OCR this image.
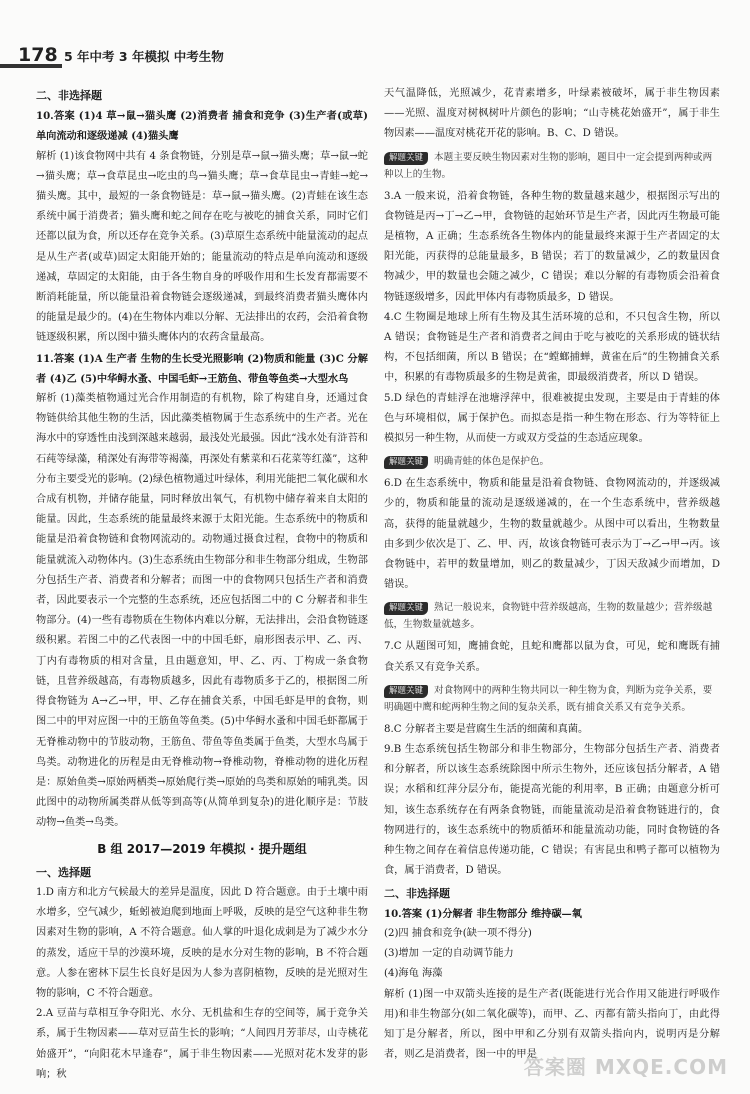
178 5 年中考 3 年模拟 中考生物

二、非选择题

10.答案 (1)4 草→鼠→猫头鹰 (2)消费者 捕食和竞争 (3)生产者(或草) 单向流动和逐级递减 (4)猫头鹰

解析 (1)该食物网中共有 4 条食物链，分别是草→鼠→猫头鹰；草→鼠→蛇→猫头鹰；草→食草昆虫→吃虫的鸟→猫头鹰；草→食草昆虫→青蛙→蛇→猫头鹰。其中，最短的一条食物链是：草→鼠→猫头鹰。(2)青蛙在该生态系统中属于消费者；猫头鹰和蛇之间存在吃与被吃的捕食关系，同时它们还都以鼠为食，所以还存在竞争关系。(3)草原生态系统中能量流动的起点是从生产者(或草)固定太阳能开始的；能量流动的特点是单向流动和逐级递减，草固定的太阳能，由于各生物自身的呼吸作用和生长发育都需要不断消耗能量，所以能量沿着食物链会逐级递减，到最终消费者猫头鹰体内的能量是最少的。(4)在生物体内难以分解、无法排出的农药，会沿着食物链逐级积累，所以图中猫头鹰体内的农药含量最高。

11.答案 (1)A 生产者 生物的生长受光照影响 (2)物质和能量 (3)C 分解者 (4)乙 (5)中华鲟水蚤、中国毛虾→王筋鱼、带鱼等鱼类→大型水鸟

解析 (1)藻类植物通过光合作用制造的有机物，除了构建自身，还通过食物链供给其他生物的生活，因此藻类植物属于生态系统中的生产者。光在海水中的穿透性由浅到深越来越弱，最浅处光最强。因此“浅水处有浒苔和石莼等绿藻，稍深处有海带等褐藻，再深处有紫菜和石花菜等红藻”，这种分布主要受光的影响。(2)绿色植物通过叶绿体，利用光能把二氧化碳和水合成有机物，并储存能量，同时释放出氧气，有机物中储存着来自太阳的能量。因此，生态系统的能量最终来源于太阳光能。生态系统中的物质和能量是沿着食物链和食物网流动的。动物通过摄食过程，食物中的物质和能量就流入动物体内。(3)生态系统由生物部分和非生物部分组成，生物部分包括生产者、消费者和分解者；而图一中的食物网只包括生产者和消费者，因此要表示一个完整的生态系统，还应包括图二中的 C 分解者和非生物部分。(4)一些有毒物质在生物体内难以分解，无法排出，会沿食物链逐级积累。若图二中的乙代表图一中的中国毛虾，扇形图表示甲、乙、丙、丁内有毒物质的相对含量，且由题意知，甲、乙、丙、丁构成一条食物链，且营养级越高，有毒物质越多，因此有毒物质多于乙的，根据图二所得食物链为 A→乙→甲，甲、乙存在捕食关系，中国毛虾是甲的食物，则图二中的甲对应图一中的王筋鱼等鱼类。(5)中华鲟水蚤和中国毛虾都属于无脊椎动物中的节肢动物，王筋鱼、带鱼等鱼类属于鱼类，大型水鸟属于鸟类。动物进化的历程是由无脊椎动物→脊椎动物，脊椎动物的进化历程是：原始鱼类→原始两栖类→原始爬行类→原始的鸟类和原始的哺乳类。因此图中的动物所属类群从低等到高等(从简单到复杂)的进化顺序是：节肢动物→鱼类→鸟类。

B 组 2017—2019 年模拟 · 提升题组

一、选择题

1.D 南方和北方气候最大的差异是温度，因此 D 符合题意。由于土壤中雨水增多，空气减少，蚯蚓被迫爬到地面上呼吸，反映的是空气这种非生物因素对生物的影响，A 不符合题意。仙人掌的叶退化成刺是为了减少水分的蒸发，适应干旱的沙漠环境，反映的是水分对生物的影响，B 不符合题意。人参在密林下层生长良好是因为人参为喜阴植物，反映的是光照对生物的影响，C 不符合题意。

2.A 豆苗与草相互争夺阳光、水分、无机盐和生存的空间等，属于竞争关系，属于生物因素——草对豆苗生长的影响；“人间四月芳菲尽，山寺桃花始盛开”，“向阳花木早逢春”，属于非生物因素——光照对花木发芽的影响；秋

天气温降低，光照减少，花青素增多，叶绿素被破坏，属于非生物因素——光照、温度对树枫树叶片颜色的影响；“山寺桃花始盛开”，属于非生物因素——温度对桃花开花的影响。B、C、D 错误。

解题关键 本题主要反映生物因素对生物的影响，题目中一定会提到两种或两种以上的生物。

3.A 一般来说，沿着食物链，各种生物的数量越来越少，根据图示写出的食物链是丙→丁→乙→甲，食物链的起始环节是生产者，因此丙生物最可能是植物，A 正确；生态系统各生物体内的能量最终来源于生产者固定的太阳光能，丙获得的总能量最多，B 错误；若丁的数量减少，乙的数量因食物减少，甲的数量也会随之减少，C 错误；难以分解的有毒物质会沿着食物链逐级增多，因此甲体内有毒物质最多，D 错误。

4.C 生物圈是地球上所有生物及其生活环境的总和，不只包含生物，所以 A 错误；食物链是生产者和消费者之间由于吃与被吃的关系形成的链状结构，不包括细菌，所以 B 错误；在“螳螂捕蝉，黄雀在后”的生物捕食关系中，积累的有毒物质最多的生物是黄雀，即最级消费者，所以 D 错误。

5.D 绿色的青蛙浮在池塘浮萍中，很难被捉虫发现，主要是由于青蛙的体色与环境相似，属于保护色。而拟态是指一种生物在形态、行为等特征上模拟另一种生物，从而使一方或双方受益的生态适应现象。

解题关键 明确青蛙的体色是保护色。

6.D 在生态系统中，物质和能量是沿着食物链、食物网流动的，并逐级减少的，物质和能量的流动是逐级递减的，在一个生态系统中，营养级越高，获得的能量就越少，生物的数量就越少。从图中可以看出，生物数量由多到少依次是丁、乙、甲、丙，故该食物链可表示为丁→乙→甲→丙。该食物链中，若甲的数量增加，则乙的数量减少，丁因天敌减少而增加，D 错误。

解题关键 熟记一般说来，食物链中营养级越高，生物的数量越少；营养级越低，生物数量就越多。

7.C 从题图可知，鹰捕食蛇，且蛇和鹰都以鼠为食，可见，蛇和鹰既有捕食关系又有竞争关系。

解题关键 对食物网中的两种生物共同以一种生物为食，判断为竞争关系，要明确题中鹰和蛇两种生物之间的复杂关系，既有捕食关系又有竞争关系。

8.C 分解者主要是营腐生生活的细菌和真菌。

9.B 生态系统包括生物部分和非生物部分，生物部分包括生产者、消费者和分解者，所以该生态系统除图中所示生物外，还应该包括分解者，A 错误；水稻和红萍分层分布，能提高光能的利用率，B 正确；由题意分析可知，该生态系统存在有两条食物链，而能量流动是沿着食物链进行的，食物网进行的，该生态系统中的物质循环和能量流动功能，同时食物链的各种生物之间存在着信息传递功能，C 错误；有害昆虫和鸭子都可以植物为食，属于消费者，D 错误。

二、非选择题

10.答案 (1)分解者 非生物部分 维持碳—氧

(2)四 捕食和竞争(缺一项不得分)

(3)增加 一定的自动调节能力

(4)海龟 海藻

解析 (1)图一中双箭头连接的是生产者(既能进行光合作用又能进行呼吸作用)和非生物部分(如二氧化碳等)，而甲、乙、丙都有箭头指向丁，由此得知丁是分解者，所以，图中甲和乙分别有双箭头指向内，说明丙是分解者，则乙是消费者，图一中的甲是

答案圈 MXQE.COM
